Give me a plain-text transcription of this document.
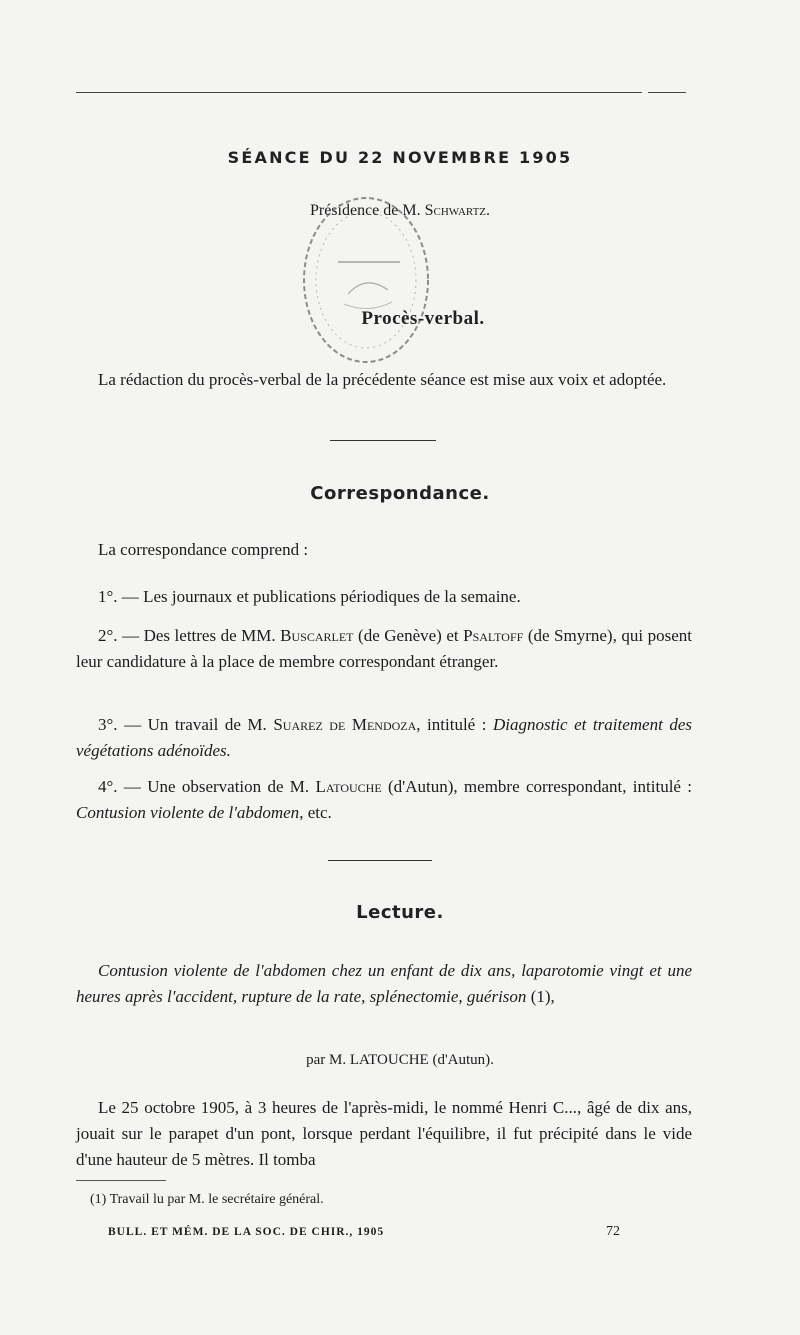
SÉANCE DU 22 NOVEMBRE 1905
Présidence de M. Schwartz.
Procès-verbal.

La rédaction du procès-verbal de la précédente séance est mise aux voix et adoptée.

Correspondance.

La correspondance comprend :

1°. — Les journaux et publications périodiques de la semaine.

2°. — Des lettres de MM. Buscarlet (de Genève) et Psaltoff (de Smyrne), qui posent leur candidature à la place de membre correspondant étranger.

3°. — Un travail de M. Suarez de Mendoza, intitulé : Diagnostic et traitement des végétations adénoïdes.

4°. — Une observation de M. Latouche (d'Autun), membre correspondant, intitulé : Contusion violente de l'abdomen, etc.

Lecture.

Contusion violente de l'abdomen chez un enfant de dix ans, laparotomie vingt et une heures après l'accident, rupture de la rate, splénectomie, guérison (1),

par M. LATOUCHE (d'Autun).

Le 25 octobre 1905, à 3 heures de l'après-midi, le nommé Henri C..., âgé de dix ans, jouait sur le parapet d'un pont, lorsque perdant l'équilibre, il fut précipité dans le vide d'une hauteur de 5 mètres. Il tomba

(1) Travail lu par M. le secrétaire général.
BULL. ET MÉM. DE LA SOC. DE CHIR., 1905	72
